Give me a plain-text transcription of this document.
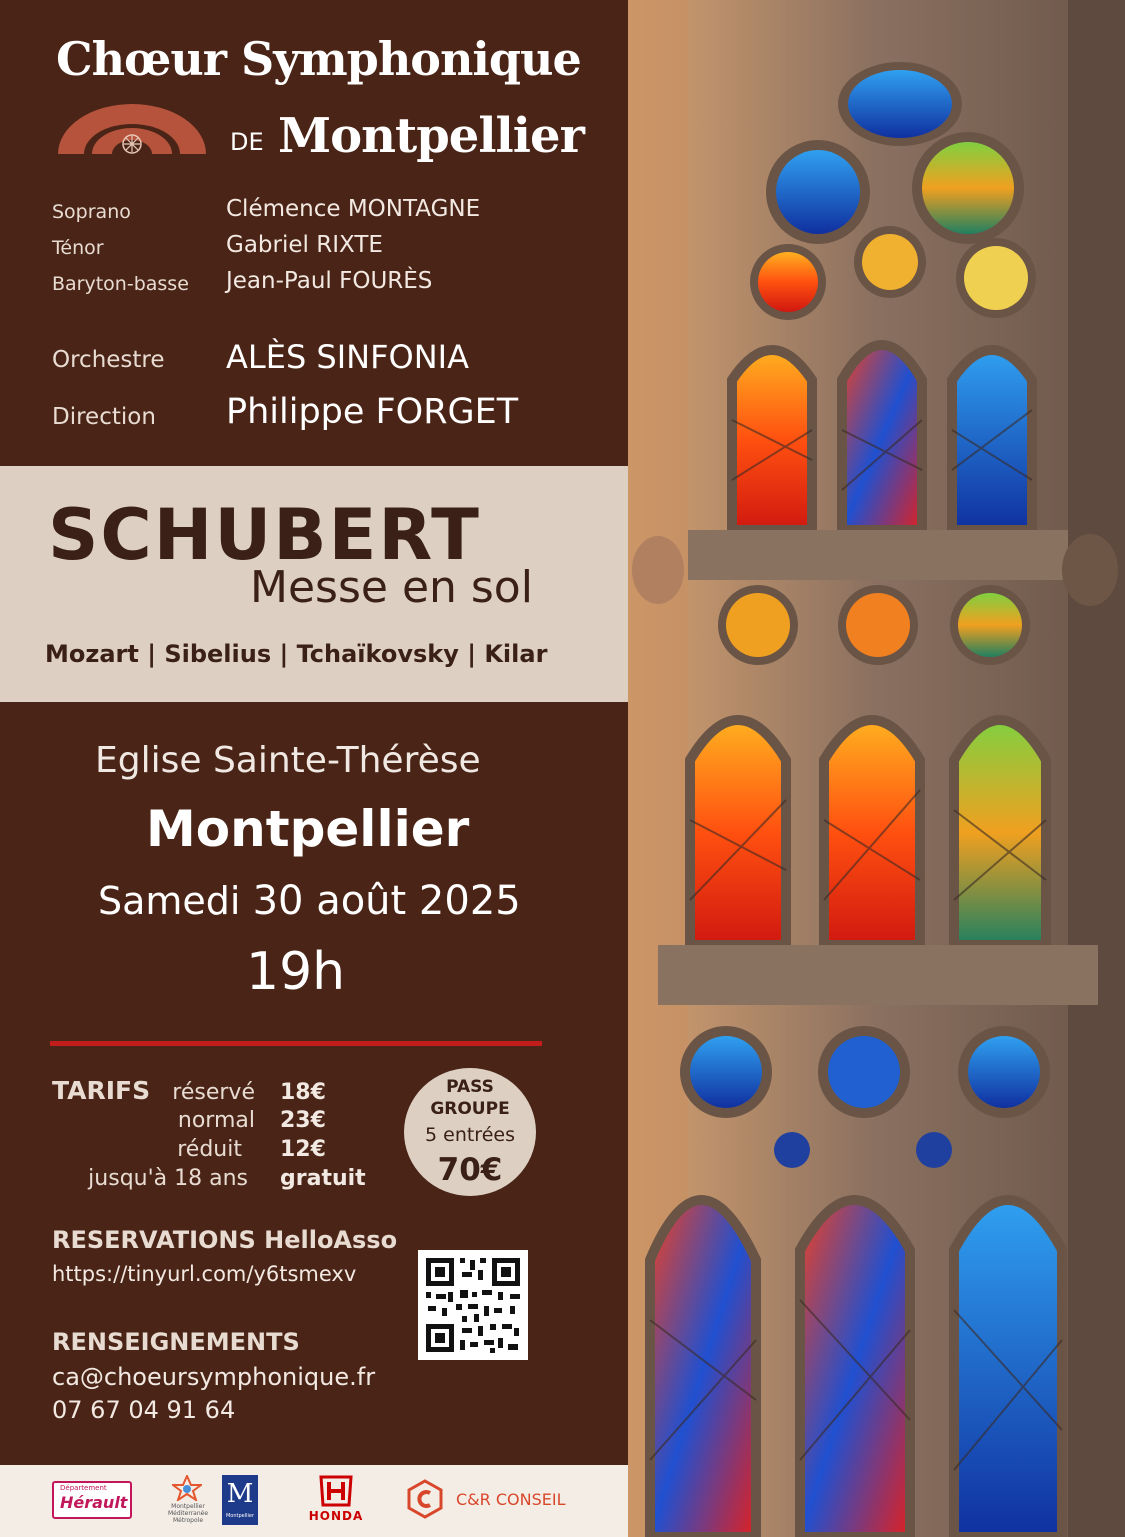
Chœur Symphonique
DE Montpellier
Soprano	Clémence MONTAGNE
Ténor	Gabriel RIXTE
Baryton-basse Jean-Paul FOURÈS
Orchestre ALÈS SINFONIA
Direction Philippe FORGET
SCHUBERT
Messe en sol
Mozart | Sibelius | Tchaïkovsky | Kilar
Eglise Sainte-Thérèse
Montpellier
Samedi 30 août 2025
19h
TARIFS	réservé 18€
normal 23€
réduit 12€
jusqu'à 18 ans gratuit
PASS
GROUPE
5 entrées
70€
RESERVATIONS HelloAsso
https://tinyurl.com/y6tsmexv
RENSEIGNEMENTS
ca@choeursymphonique.fr
07 67 04 91 64
Département
Hérault	Montpellier Méditerranée Métropole
M
Montpellier	HONDA
C&R CONSEIL
